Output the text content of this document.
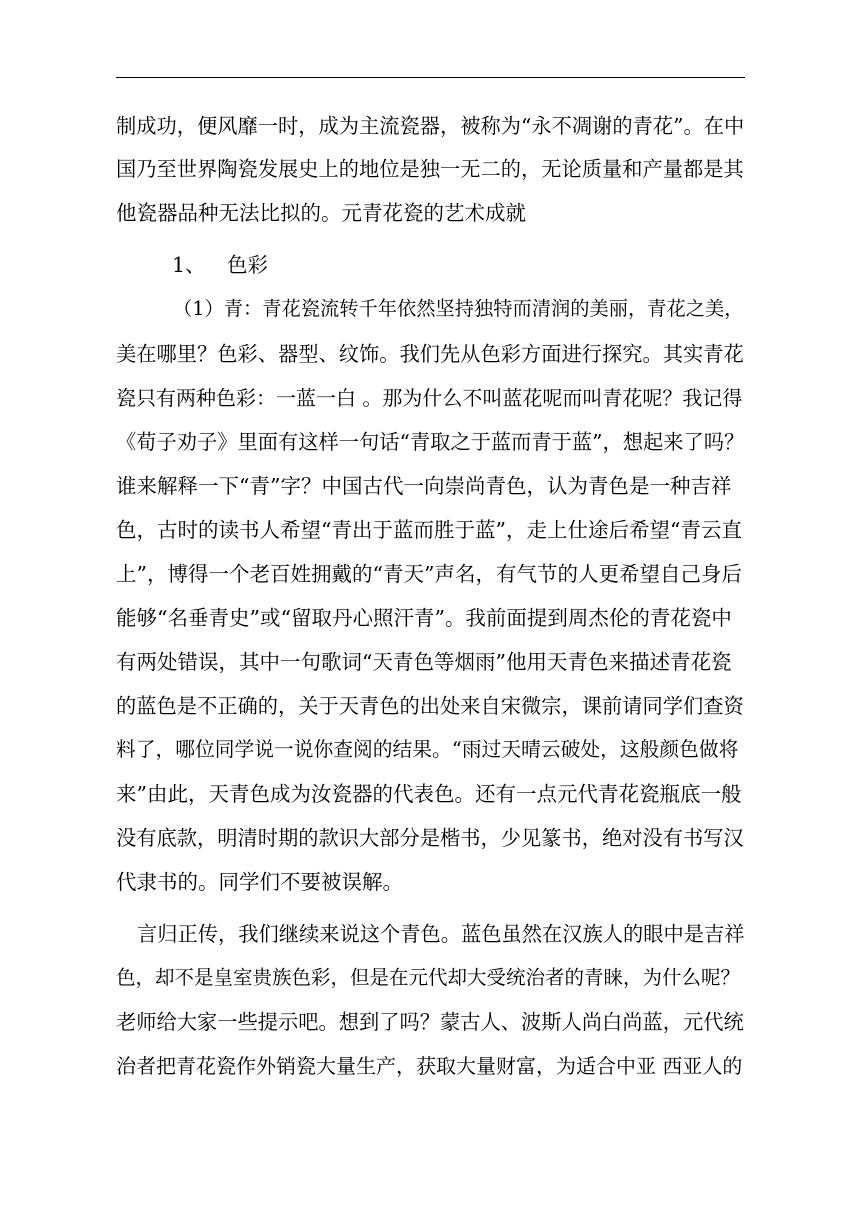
制成功，便风靡一时，成为主流瓷器，被称为“永不凋谢的青花”。在中
国乃至世界陶瓷发展史上的地位是独一无二的，无论质量和产量都是其
他瓷器品种无法比拟的。元青花瓷的艺术成就
1、 色彩
（1）青：青花瓷流转千年依然坚持独特而清润的美丽，青花之美，
美在哪里？色彩、器型、纹饰。我们先从色彩方面进行探究。其实青花
瓷只有两种色彩：一蓝一白 。那为什么不叫蓝花呢而叫青花呢？我记得
《荀子劝子》里面有这样一句话“青取之于蓝而青于蓝”，想起来了吗？
谁来解释一下“青”字？中国古代一向崇尚青色，认为青色是一种吉祥
色，古时的读书人希望“青出于蓝而胜于蓝”，走上仕途后希望“青云直
上”，博得一个老百姓拥戴的“青天”声名，有气节的人更希望自己身后
能够“名垂青史”或“留取丹心照汗青”。我前面提到周杰伦的青花瓷中
有两处错误，其中一句歌词“天青色等烟雨”他用天青色来描述青花瓷
的蓝色是不正确的，关于天青色的出处来自宋微宗，课前请同学们查资
料了，哪位同学说一说你查阅的结果。“雨过天晴云破处，这般颜色做将
来”由此，天青色成为汝瓷器的代表色。还有一点元代青花瓷瓶底一般
没有底款，明清时期的款识大部分是楷书，少见篆书，绝对没有书写汉
代隶书的。同学们不要被误解。
言归正传，我们继续来说这个青色。蓝色虽然在汉族人的眼中是吉祥
色，却不是皇室贵族色彩，但是在元代却大受统治者的青睐，为什么呢？
老师给大家一些提示吧。想到了吗？蒙古人、波斯人尚白尚蓝，元代统
治者把青花瓷作外销瓷大量生产，获取大量财富，为适合中亚 西亚人的
